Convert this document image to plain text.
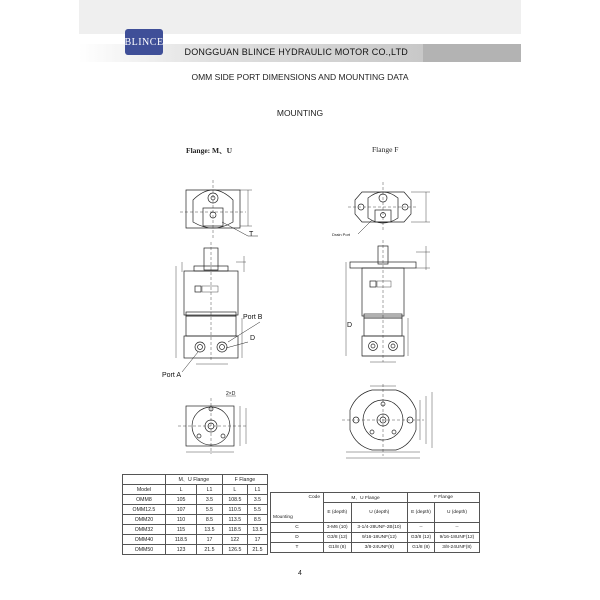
DONGGUAN BLINCE HYDRAULIC MOTOR CO.,LTD
BLINCE
OMM SIDE PORT DIMENSIONS AND MOUNTING DATA
MOUNTING
Flange: M、U	Flange F
T
Port B
D
Port A
D
Drain Port
2×D
	M、U Flange		F Flange	
Model	L	L1	L	L1
OMM8	105	3.5	108.5	3.5
OMM12.5	107	5.5	110.5	5.5
OMM20	110	8.5	113.5	8.5
OMM32	115	13.5	118.5	13.5
OMM40	118.5	17	122	17
OMM50	123	21.5	126.5	21.5
Code
Mounting	M、U Flange		F Flange	
	E (depth)	U (depth)	E (depth)	U (depth)
C	3-M6 (10)	3-1/4-28UNF-2B(10)	--	--
D	G3/8 (12)	9/16-18UNF(12)	G3/8 (12)	9/16-18UNF(12)
T	G1/8 (8)	3/8-24UNF(8)	G1/8 (8)	3/8-24UNF(8)
4
